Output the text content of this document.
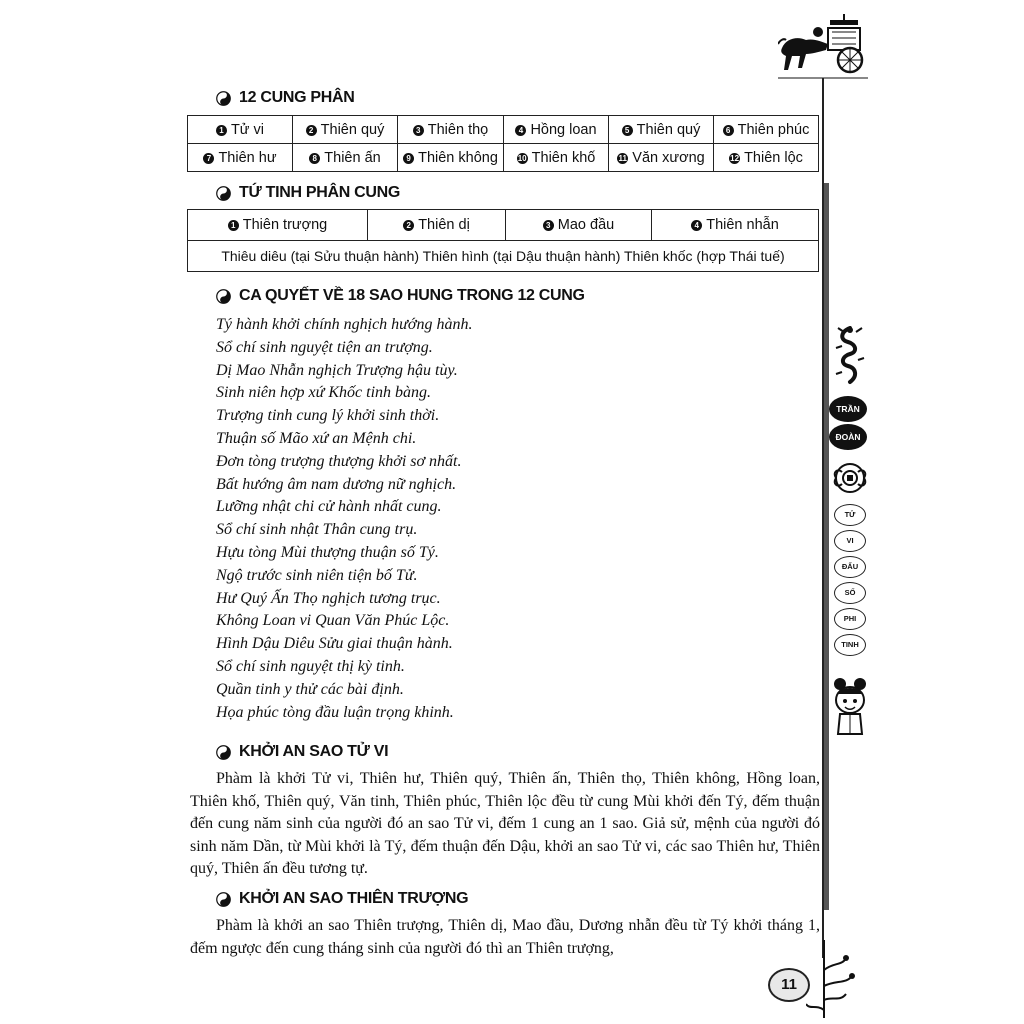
12 CUNG PHÂN
1 Tử vi	2 Thiên quý	3 Thiên thọ	4 Hồng loan	5 Thiên quý	6 Thiên phúc
7 Thiên hư	8 Thiên ấn	9 Thiên không	10 Thiên khố	11 Văn xương	12 Thiên lộc
TỨ TINH PHÂN CUNG
1 Thiên trượng	2 Thiên dị	3 Mao đầu	4 Thiên nhẫn
Thiêu diêu (tại Sửu thuận hành) Thiên hình (tại Dậu thuận hành) Thiên khốc (hợp Thái tuế)
CA QUYẾT VỀ 18 SAO HUNG TRONG 12 CUNG
Tý hành khởi chính nghịch hướng hành.
Sổ chí sinh nguyệt tiện an trượng.
Dị Mao Nhẫn nghịch Trượng hậu tùy.
Sinh niên hợp xứ Khốc tinh bàng.
Trượng tinh cung lý khởi sinh thời.
Thuận số Mão xứ an Mệnh chi.
Đơn tòng trượng thượng khởi sơ nhất.
Bất hướng âm nam dương nữ nghịch.
Lưỡng nhật chi cử hành nhất cung.
Sổ chí sinh nhật Thân cung trụ.
Hựu tòng Mùi thượng thuận số Tý.
Ngộ trước sinh niên tiện bố Tử.
Hư Quý Ấn Thọ nghịch tương trục.
Không Loan vi Quan Văn Phúc Lộc.
Hình Dậu Diêu Sửu giai thuận hành.
Sổ chí sinh nguyệt thị kỳ tinh.
Quần tinh y thử các bài định.
Họa phúc tòng đầu luận trọng khinh.
KHỞI AN SAO TỬ VI
Phàm là khởi Tử vi, Thiên hư, Thiên quý, Thiên ấn, Thiên thọ, Thiên không, Hồng loan, Thiên khố, Thiên quý, Văn tinh, Thiên phúc, Thiên lộc đều từ cung Mùi khởi đến Tý, đếm thuận đến cung năm sinh của người đó an sao Tử vi, đếm 1 cung an 1 sao. Giả sử, mệnh của người đó sinh năm Dần, từ Mùi khởi là Tý, đếm thuận đến Dậu, khởi an sao Tử vi, các sao Thiên hư, Thiên quý, Thiên ấn đều tương tự.
KHỞI AN SAO THIÊN TRƯỢNG
Phàm là khởi an sao Thiên trượng, Thiên dị, Mao đầu, Dương nhẫn đều từ Tý khởi tháng 1, đếm ngược đến cung tháng sinh của người đó thì an Thiên trượng,
TRẦN
ĐOÀN
TỬ
VI
ĐẨU
SỐ
PHI
TINH
11
